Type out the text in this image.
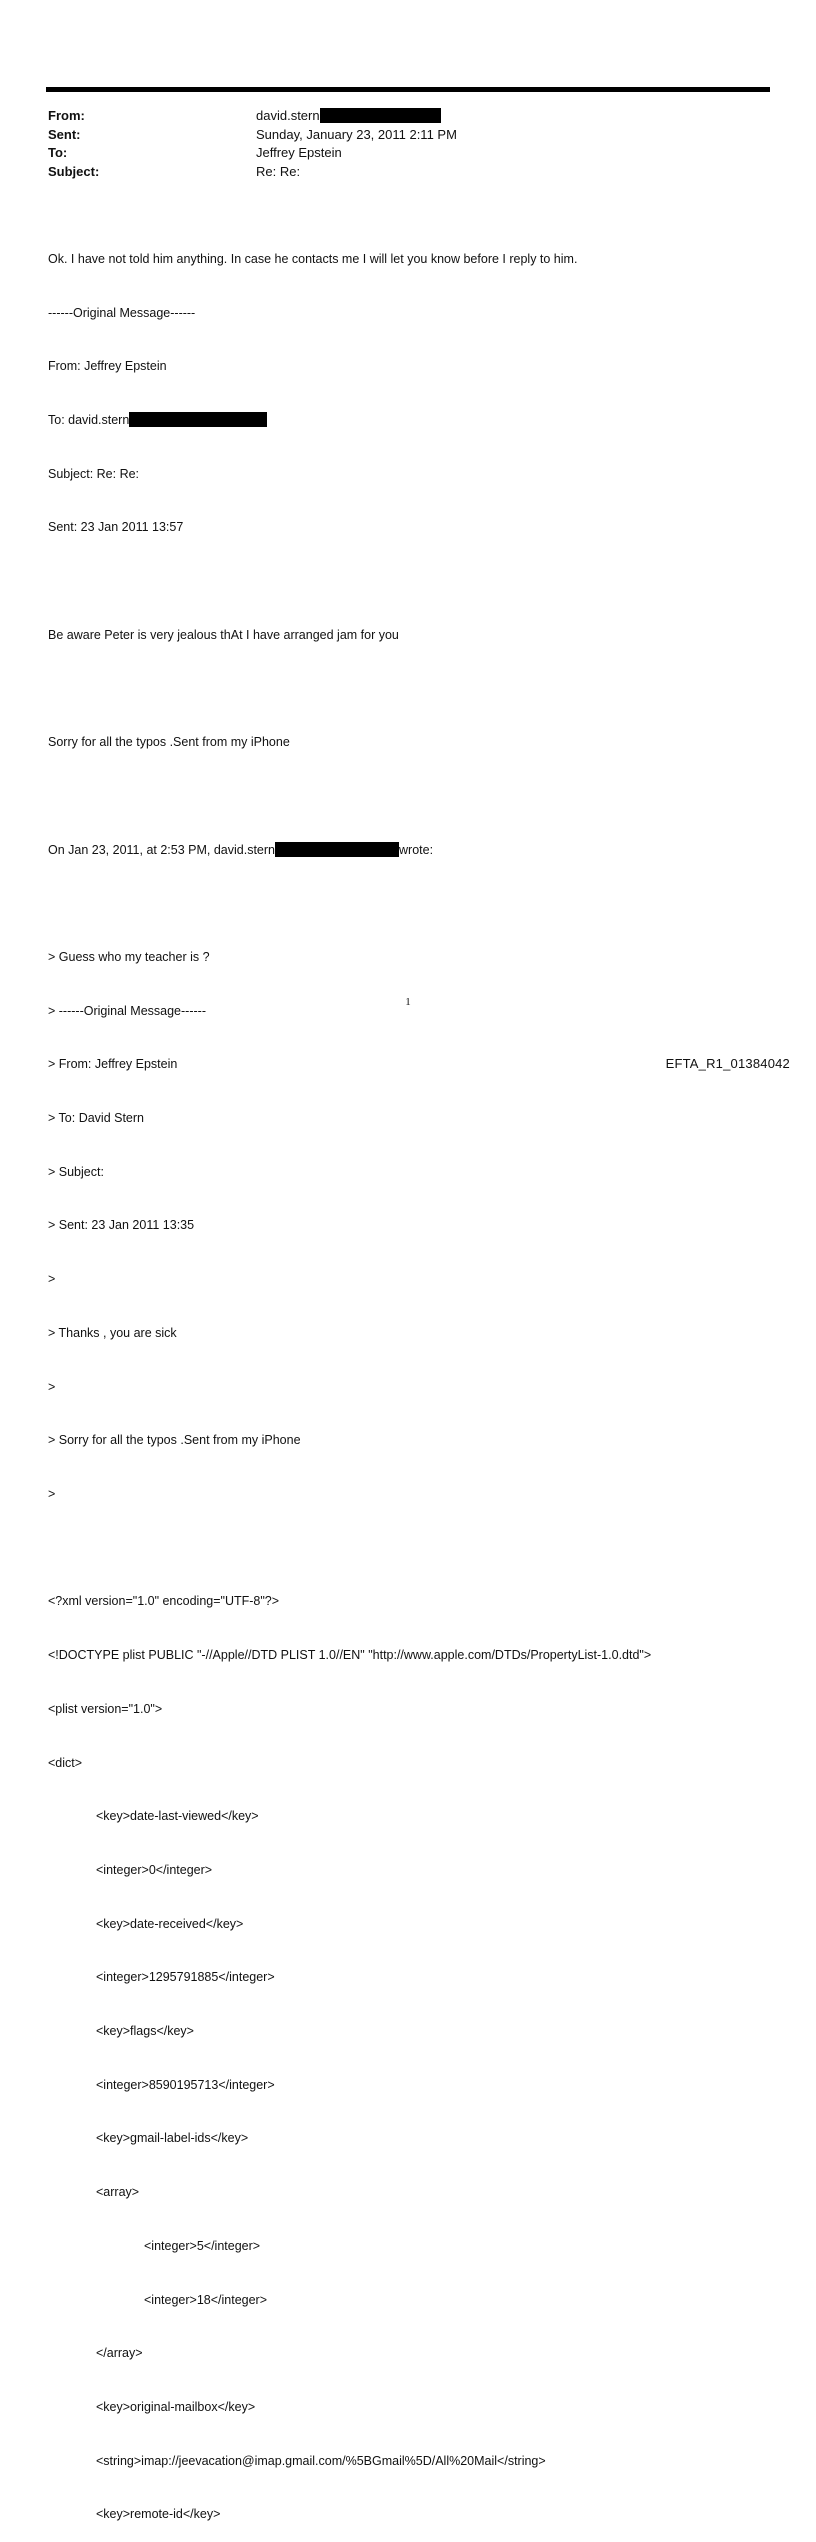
From:	david.stern
Sent:	Sunday, January 23, 2011 2:11 PM
To:	Jeffrey Epstein
Subject:	Re: Re:

Ok. I have not told him anything. In case he contacts me I will let you know before I reply to him.

------Original Message------

From: Jeffrey Epstein

To: david.stern

Subject: Re: Re:

Sent: 23 Jan 2011 13:57

Be aware Peter is very jealous thAt I have arranged jam for you

Sorry for all the typos .Sent from my iPhone

On Jan 23, 2011, at 2:53 PM, david.stern	wrote:

> Guess who my teacher is ?

> ------Original Message------

> From: Jeffrey Epstein

> To: David Stern

> Subject:

> Sent: 23 Jan 2011 13:35

>

> Thanks , you are sick

>

> Sorry for all the typos .Sent from my iPhone

>

<?xml version="1.0" encoding="UTF-8"?>

<!DOCTYPE plist PUBLIC "-//Apple//DTD PLIST 1.0//EN" "http://www.apple.com/DTDs/PropertyList-1.0.dtd">

<plist version="1.0">

<dict>

<key>date-last-viewed</key>

<integer>0</integer>

<key>date-received</key>

<integer>1295791885</integer>

<key>flags</key>

<integer>8590195713</integer>

<key>gmail-label-ids</key>

<array>

<integer>5</integer>

<integer>18</integer>

</array>

<key>original-mailbox</key>

<string>imap://jeevacation@imap.gmail.com/%5BGmail%5D/All%20Mail</string>

<key>remote-id</key>

1
EFTA_R1_01384042
